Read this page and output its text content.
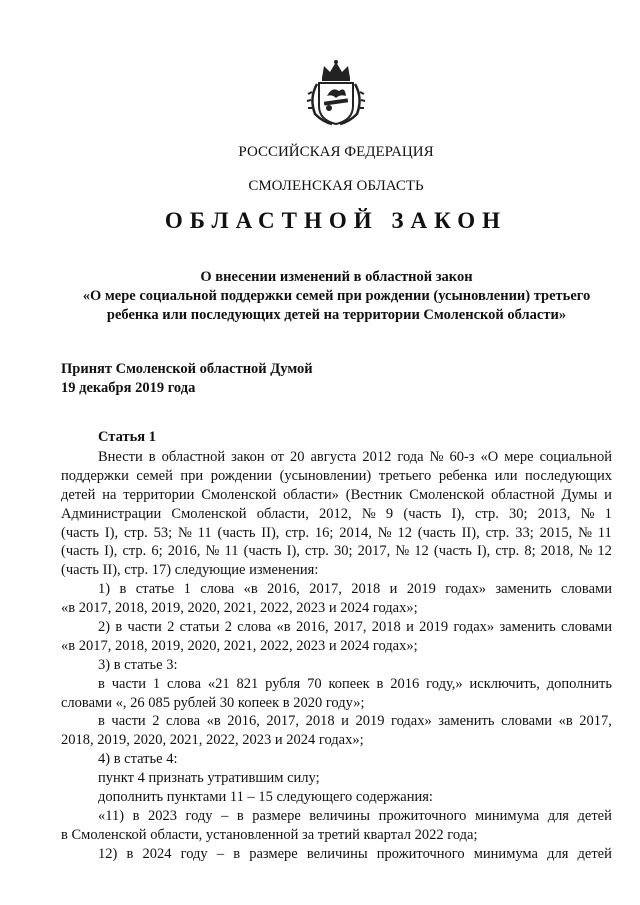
РОССИЙСКАЯ ФЕДЕРАЦИЯ
СМОЛЕНСКАЯ ОБЛАСТЬ
ОБЛАСТНОЙ ЗАКОН
О внесении изменений в областной закон
«О мере социальной поддержки семей при рождении (усыновлении) третьего
ребенка или последующих детей на территории Смоленской области»
Принят Смоленской областной Думой
19 декабря 2019 года
Статья 1
Внести в областной закон от 20 августа 2012 года № 60-з «О мере социальной
поддержки семей при рождении (усыновлении) третьего ребенка или последующих
детей на территории Смоленской области» (Вестник Смоленской областной Думы и
Администрации Смоленской области, 2012, № 9 (часть I), стр. 30; 2013, № 1
(часть I), стр. 53; № 11 (часть II), стр. 16; 2014, № 12 (часть II), стр. 33; 2015, № 11
(часть I), стр. 6; 2016, № 11 (часть I), стр. 30; 2017, № 12 (часть I), стр. 8; 2018, № 12
(часть II), стр. 17) следующие изменения:
1) в статье 1 слова «в 2016, 2017, 2018 и 2019 годах» заменить словами
«в 2017, 2018, 2019, 2020, 2021, 2022, 2023 и 2024 годах»;
2) в части 2 статьи 2 слова «в 2016, 2017, 2018 и 2019 годах» заменить словами
«в 2017, 2018, 2019, 2020, 2021, 2022, 2023 и 2024 годах»;
3) в статье 3:
в части 1 слова «21 821 рубля 70 копеек в 2016 году,» исключить, дополнить
словами «, 26 085 рублей 30 копеек в 2020 году»;
в части 2 слова «в 2016, 2017, 2018 и 2019 годах» заменить словами «в 2017,
2018, 2019, 2020, 2021, 2022, 2023 и 2024 годах»;
4) в статье 4:
пункт 4 признать утратившим силу;
дополнить пунктами 11 – 15 следующего содержания:
«11) в 2023 году – в размере величины прожиточного минимума для детей
в Смоленской области, установленной за третий квартал 2022 года;
12) в 2024 году – в размере величины прожиточного минимума для детей
